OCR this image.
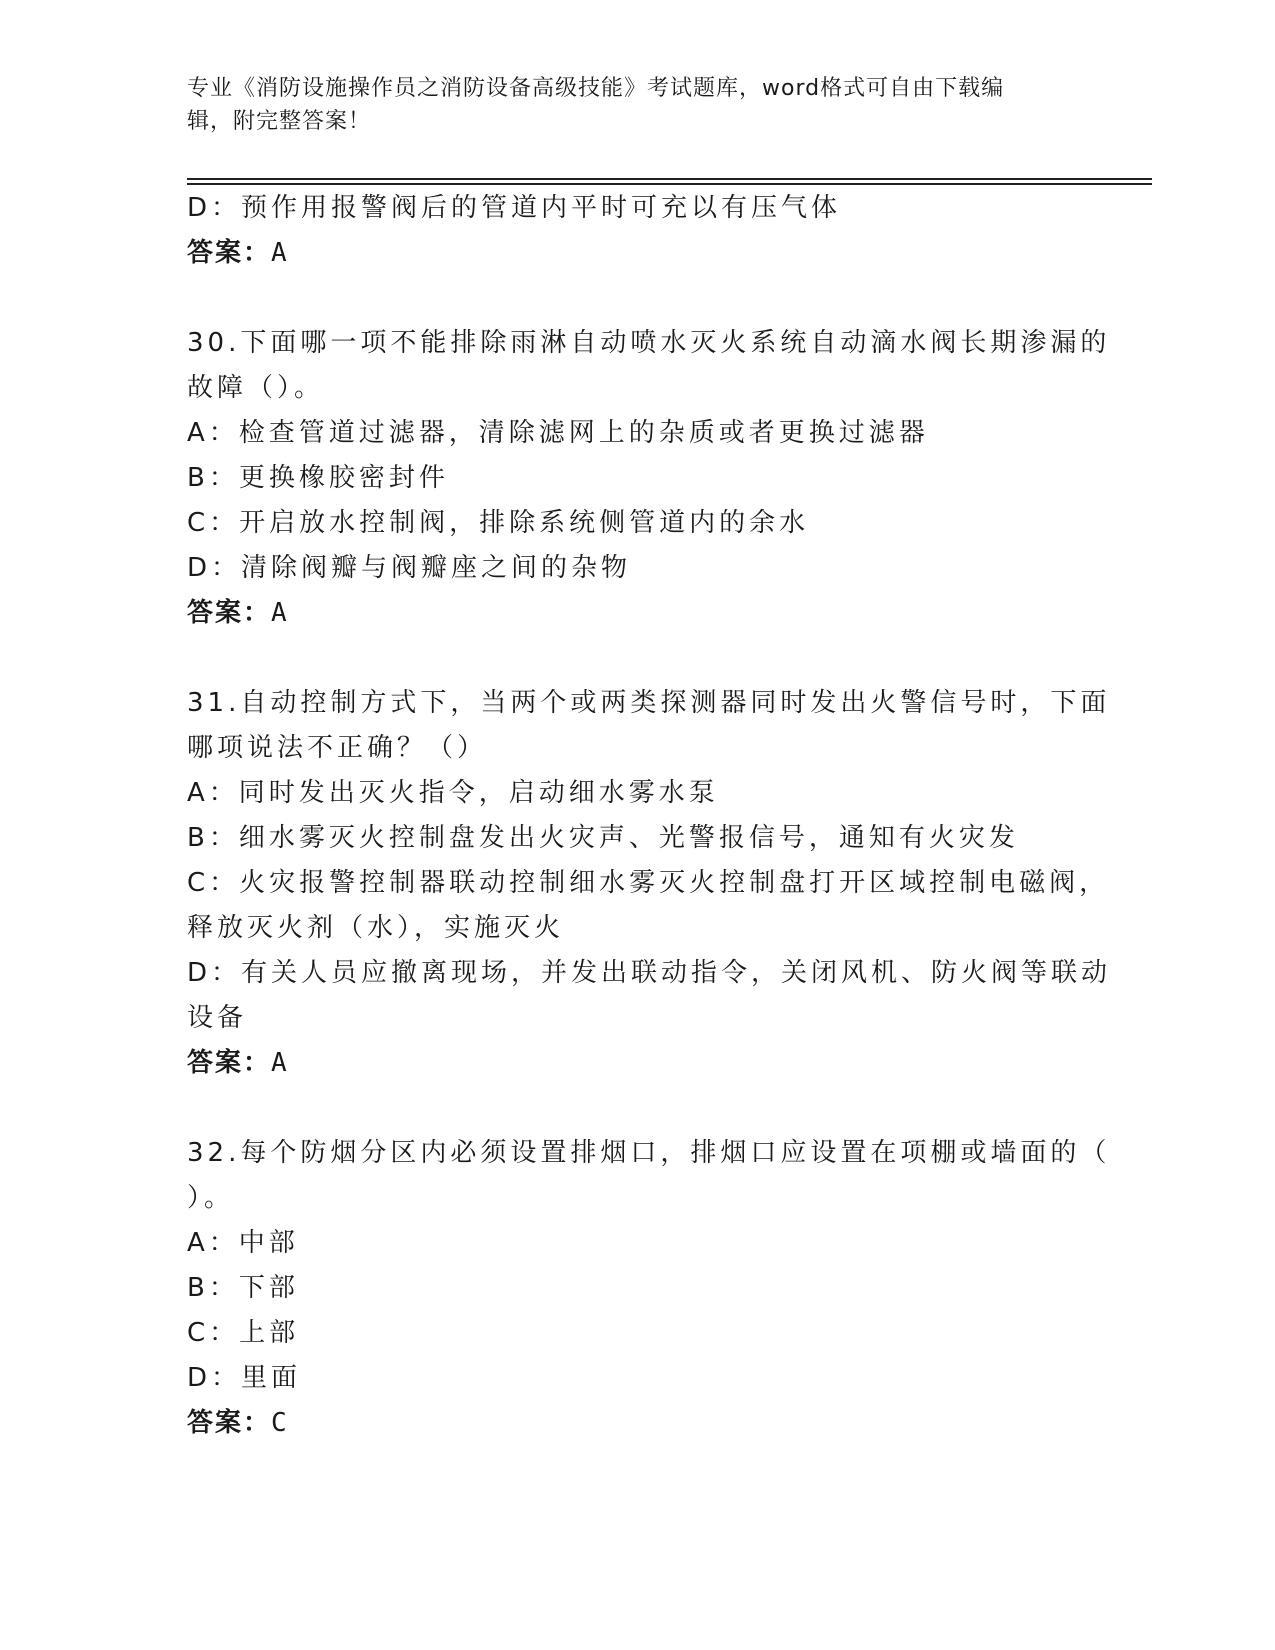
专业《消防设施操作员之消防设备高级技能》考试题库，word格式可自由下载编
辑，附完整答案！
D：预作用报警阀后的管道内平时可充以有压气体
答案：A
30.下面哪一项不能排除雨淋自动喷水灭火系统自动滴水阀长期渗漏的
故障（）。
A：检查管道过滤器，清除滤网上的杂质或者更换过滤器
B：更换橡胶密封件
C：开启放水控制阀，排除系统侧管道内的余水
D：清除阀瓣与阀瓣座之间的杂物
答案：A
31.自动控制方式下，当两个或两类探测器同时发出火警信号时，下面
哪项说法不正确？（）
A：同时发出灭火指令，启动细水雾水泵
B：细水雾灭火控制盘发出火灾声、光警报信号，通知有火灾发
C：火灾报警控制器联动控制细水雾灭火控制盘打开区域控制电磁阀，
释放灭火剂（水），实施灭火
D：有关人员应撤离现场，并发出联动指令，关闭风机、防火阀等联动
设备
答案：A
32.每个防烟分区内必须设置排烟口，排烟口应设置在项棚或墙面的（
）。
A：中部
B：下部
C：上部
D：里面
答案：C
